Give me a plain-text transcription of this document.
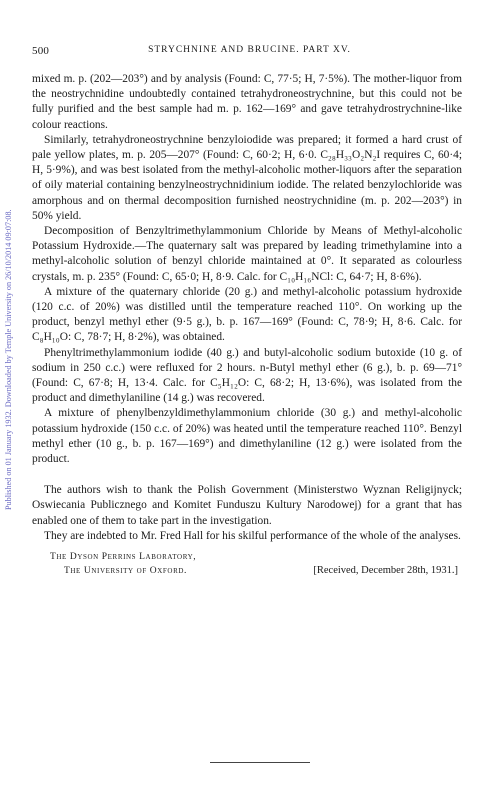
Published on 01 January 1932. Downloaded by Temple University on 26/10/2014 09:07:08.
500	STRYCHNINE AND BRUCINE. PART XV.

mixed m. p. (202—203°) and by analysis (Found: C, 77·5; H, 7·5%). The mother-liquor from the neostrychnidine undoubtedly contained tetrahydroneostrychnine, but this could not be fully purified and the best sample had m. p. 162—169° and gave tetrahydrostrychnine-like colour reactions.

Similarly, tetrahydroneostrychnine benzyloiodide was prepared; it formed a hard crust of pale yellow plates, m. p. 205—207° (Found: C, 60·2; H, 6·0. C₂₈H₃₃O₂N₂I requires C, 60·4; H, 5·9%), and was best isolated from the methyl-alcoholic mother-liquors after the separation of oily material containing benzylneostrychnidinium iodide. The related benzylochloride was amorphous and on thermal decomposition furnished neostrychnidine (m. p. 202—203°) in 50% yield.

Decomposition of Benzyltrimethylammonium Chloride by Means of Methyl-alcoholic Potassium Hydroxide.—The quaternary salt was prepared by leading trimethylamine into a methyl-alcoholic solution of benzyl chloride maintained at 0°. It separated as colourless crystals, m. p. 235° (Found: C, 65·0; H, 8·9. Calc. for C₁₀H₁₆NCl: C, 64·7; H, 8·6%).

A mixture of the quaternary chloride (20 g.) and methyl-alcoholic potassium hydroxide (120 c.c. of 20%) was distilled until the temperature reached 110°. On working up the product, benzyl methyl ether (9·5 g.), b. p. 167—169° (Found: C, 78·9; H, 8·6. Calc. for C₈H₁₀O: C, 78·7; H, 8·2%), was obtained.

Phenyltrimethylammonium iodide (40 g.) and butyl-alcoholic sodium butoxide (10 g. of sodium in 250 c.c.) were refluxed for 2 hours. n-Butyl methyl ether (6 g.), b. p. 69—71° (Found: C, 67·8; H, 13·4. Calc. for C₅H₁₂O: C, 68·2; H, 13·6%), was isolated from the product and dimethylaniline (14 g.) was recovered.

A mixture of phenylbenzyldimethylammonium chloride (30 g.) and methyl-alcoholic potassium hydroxide (150 c.c. of 20%) was heated until the temperature reached 110°. Benzyl methyl ether (10 g., b. p. 167—169°) and dimethylaniline (12 g.) were isolated from the product.

The authors wish to thank the Polish Government (Ministerstwo Wyznan Religijnyck; Oswiecania Publicznego and Komitet Funduszu Kultury Narodowej) for a grant that has enabled one of them to take part in the investigation.

They are indebted to Mr. Fred Hall for his skilful performance of the whole of the analyses.

The Dyson Perrins Laboratory,
The University of Oxford.	[Received, December 28th, 1931.]
